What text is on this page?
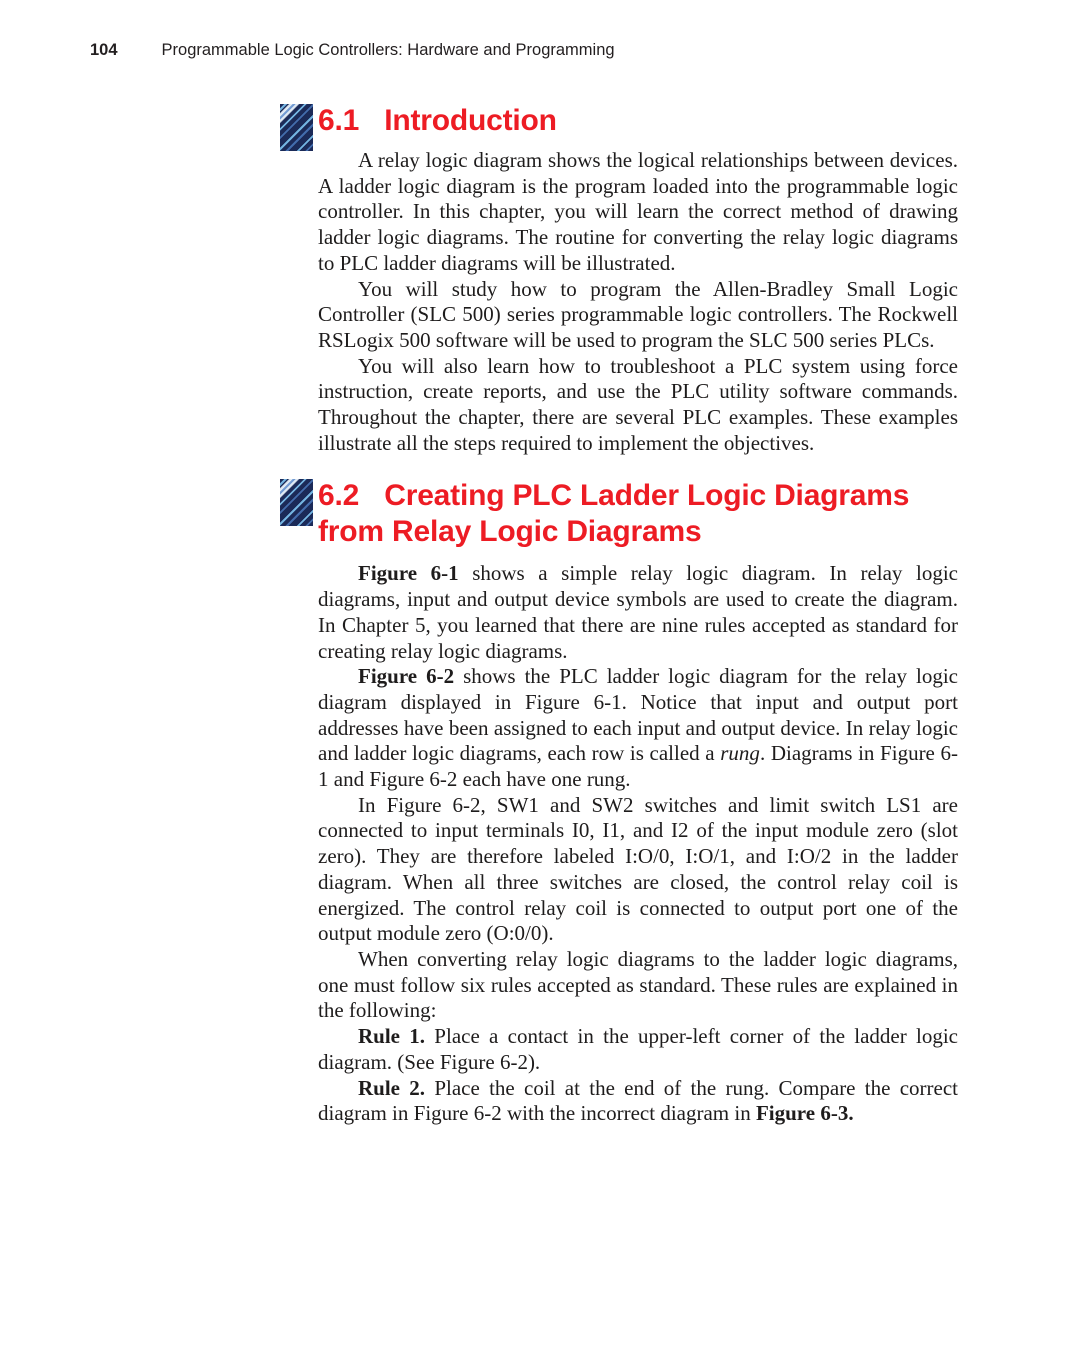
104	Programmable Logic Controllers: Hardware and Programming
6.1 Introduction

A relay logic diagram shows the logical relationships between devices. A ladder logic diagram is the program loaded into the programmable logic controller. In this chapter, you will learn the correct method of drawing ladder logic diagrams. The routine for converting the relay logic diagrams to PLC ladder diagrams will be illustrated.

You will study how to program the Allen-Bradley Small Logic Controller (SLC 500) series programmable logic controllers. The Rockwell RSLogix 500 software will be used to program the SLC 500 series PLCs.

You will also learn how to troubleshoot a PLC system using force instruction, create reports, and use the PLC utility software commands. Throughout the chapter, there are several PLC examples. These examples illustrate all the steps required to implement the objectives.

6.2 Creating PLC Ladder Logic Diagrams from Relay Logic Diagrams

Figure 6-1 shows a simple relay logic diagram. In relay logic diagrams, input and output device symbols are used to create the diagram. In Chapter 5, you learned that there are nine rules accepted as standard for creating relay logic diagrams.

Figure 6-2 shows the PLC ladder logic diagram for the relay logic diagram displayed in Figure 6-1. Notice that input and output port addresses have been assigned to each input and output device. In relay logic and ladder logic diagrams, each row is called a rung. Diagrams in Figure 6-1 and Figure 6-2 each have one rung.

In Figure 6-2, SW1 and SW2 switches and limit switch LS1 are connected to input terminals I0, I1, and I2 of the input module zero (slot zero). They are therefore labeled I:O/0, I:O/1, and I:O/2 in the ladder diagram. When all three switches are closed, the control relay coil is energized. The control relay coil is connected to output port one of the output module zero (O:0/0).

When converting relay logic diagrams to the ladder logic diagrams, one must follow six rules accepted as standard. These rules are explained in the following:

Rule 1. Place a contact in the upper-left corner of the ladder logic diagram. (See Figure 6-2).

Rule 2. Place the coil at the end of the rung. Compare the correct diagram in Figure 6-2 with the incorrect diagram in Figure 6-3.
